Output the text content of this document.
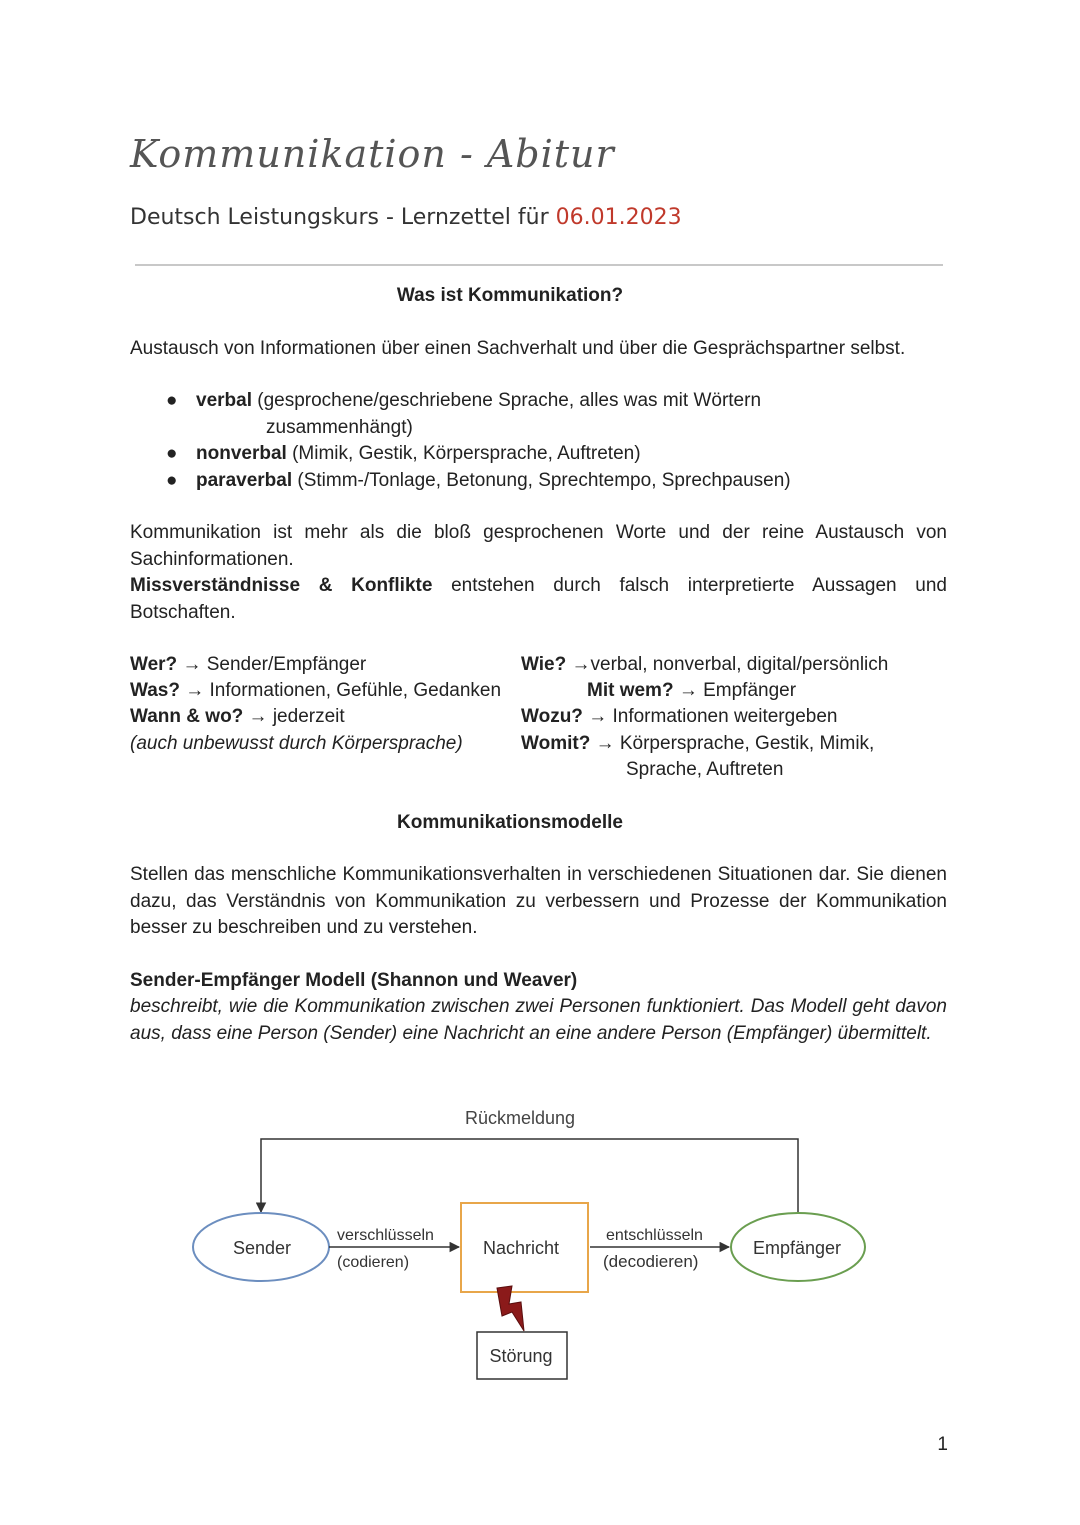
Kommunikation - Abitur
Deutsch Leistungskurs - Lernzettel für 06.01.2023
Was ist Kommunikation?
Austausch von Informationen über einen Sachverhalt und über die Gesprächspartner selbst.
● verbal (gesprochene/geschriebene Sprache, alles was mit Wörtern
zusammenhängt)
● nonverbal (Mimik, Gestik, Körpersprache, Auftreten)
● paraverbal (Stimm-/Tonlage, Betonung, Sprechtempo, Sprechpausen)
Kommunikation ist mehr als die bloß gesprochenen Worte und der reine Austausch von Sachinformationen.
Missverständnisse & Konflikte entstehen durch falsch interpretierte Aussagen und Botschaften.
Wer? → Sender/Empfänger
Was? → Informationen, Gefühle, Gedanken
Wann & wo? → jederzeit
(auch unbewusst durch Körpersprache)
Wie? →verbal, nonverbal, digital/persönlich
Mit wem? → Empfänger
Wozu? → Informationen weitergeben
Womit? → Körpersprache, Gestik, Mimik,
Sprache, Auftreten
Kommunikationsmodelle
Stellen das menschliche Kommunikationsverhalten in verschiedenen Situationen dar. Sie dienen dazu, das Verständnis von Kommunikation zu verbessern und Prozesse der Kommunikation besser zu beschreiben und zu verstehen.
Sender-Empfänger Modell (Shannon und Weaver)
beschreibt, wie die Kommunikation zwischen zwei Personen funktioniert. Das Modell geht davon aus, dass eine Person (Sender) eine Nachricht an eine andere Person (Empfänger) übermittelt.
Rückmeldung
Sender
verschlüsseln
(codieren)
Nachricht
entschlüsseln
(decodieren)
Empfänger
Störung
1
